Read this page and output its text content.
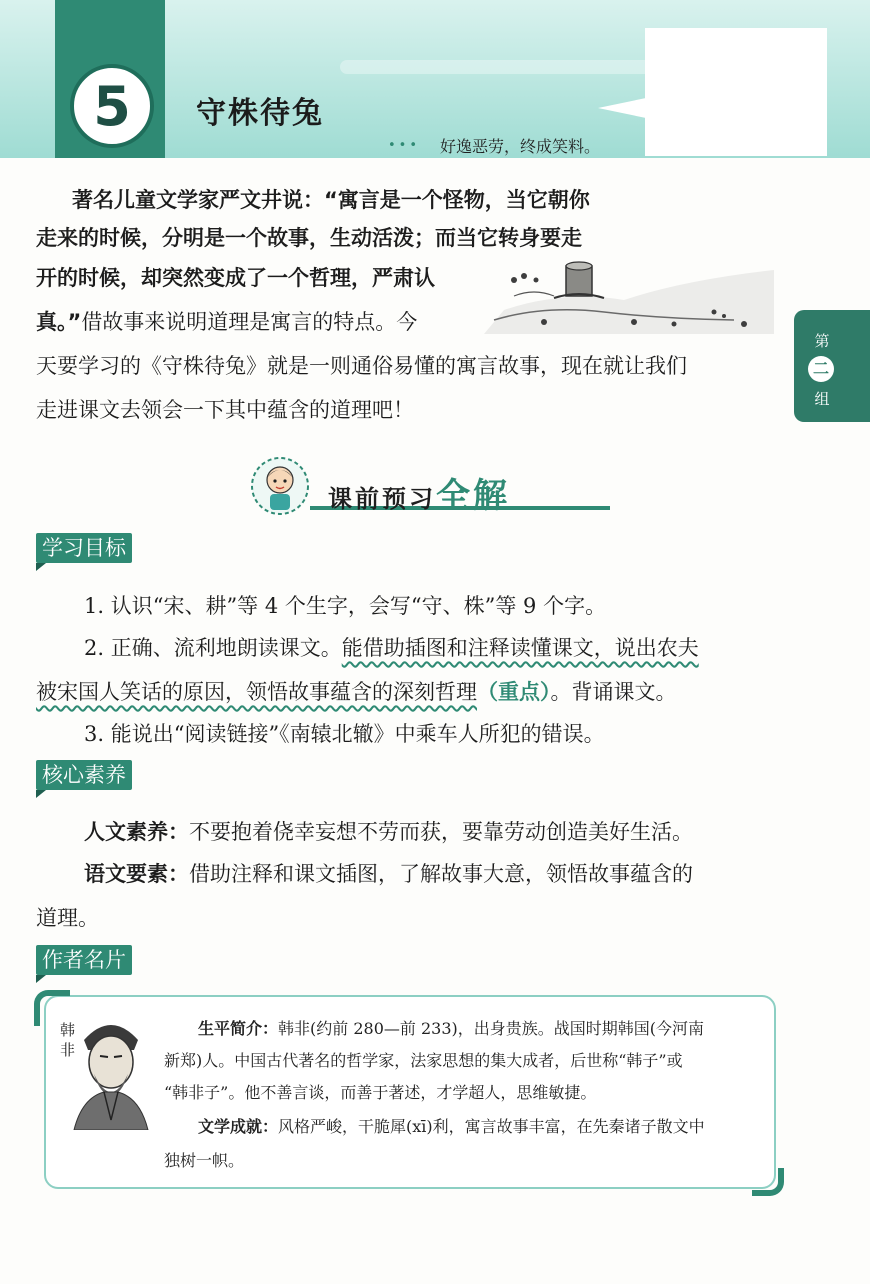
5	守株待兔
••• 好逸恶劳，终成笑料。
著名儿童文学家严文井说：“寓言是一个怪物，当它朝你
走来的时候，分明是一个故事，生动活泼；而当它转身要走
开的时候，却突然变成了一个哲理，严肃认
真。”借故事来说明道理是寓言的特点。今
天要学习的《守株待兔》就是一则通俗易懂的寓言故事，现在就让我们
走进课文去领会一下其中蕴含的道理吧！
第
二
组
课前预习全解
学习目标
1. 认识“宋、耕”等 4 个生字，会写“守、株”等 9 个字。
2. 正确、流利地朗读课文。能借助插图和注释读懂课文，说出农夫
被宋国人笑话的原因，领悟故事蕴含的深刻哲理（重点）。背诵课文。
3. 能说出“阅读链接”《南辕北辙》中乘车人所犯的错误。
核心素养
人文素养：不要抱着侥幸妄想不劳而获，要靠劳动创造美好生活。
语文要素：借助注释和课文插图，了解故事大意，领悟故事蕴含的
道理。
作者名片
韩非
生平简介：韩非(约前 280—前 233)，出身贵族。战国时期韩国(今河南
新郑)人。中国古代著名的哲学家，法家思想的集大成者，后世称“韩子”或
“韩非子”。他不善言谈，而善于著述，才学超人，思维敏捷。
文学成就：风格严峻，干脆犀(xī)利，寓言故事丰富，在先秦诸子散文中
独树一帜。
